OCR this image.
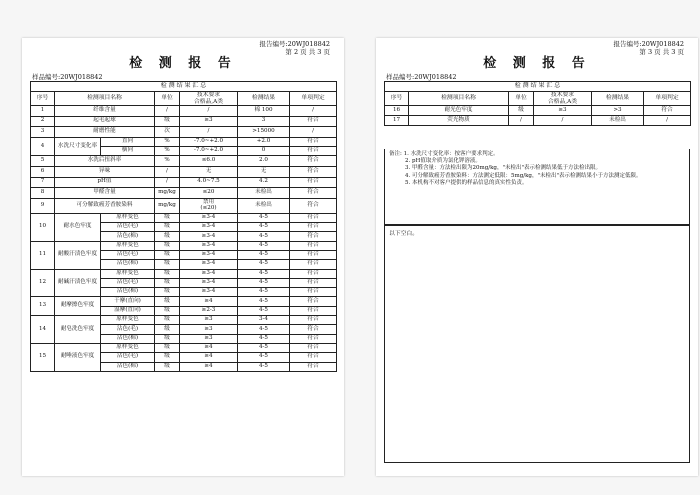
报告编号:20WJ018842
第 2 页 共 3 页
检 测 报 告
样品编号:20WJ018842
检 测 结 果 汇 总						
序号	检测项目名称		单位	技术要求
合格品,A类	检测结果	单项判定
1	纤维含量		/	/	棉 100	/
2	起毛起球		级	≥3	3	符合
3	耐磨性能		次	/	>15000	/
4	水洗尺寸变化率	直向	%	-7.0~+2.0	+2.0	符合
		横向	%	-7.0~+2.0	0	符合
5	水洗后扭斜率		%	≤6.0	2.0	符合
6	异味		/	无	无	符合
7	pH值		/	4.0~7.5	4.2	符合
8	甲醛含量		mg/kg	≤20	未检出	符合
9	可分解致癌芳香胺染料		mg/kg	禁用
(≤20)	未检出	符合
10	耐水色牢度	原样变色	级	≥3-4	4-5	符合
		沾色(毛)	级	≥3-4	4-5	符合
		沾色(棉)	级	≥3-4	4-5	符合
11	耐酸汗渍色牢度	原样变色	级	≥3-4	4-5	符合
		沾色(毛)	级	≥3-4	4-5	符合
		沾色(棉)	级	≥3-4	4-5	符合
12	耐碱汗渍色牢度	原样变色	级	≥3-4	4-5	符合
		沾色(毛)	级	≥3-4	4-5	符合
		沾色(棉)	级	≥3-4	4-5	符合
13	耐摩擦色牢度	干摩(直向)	级	≥4	4-5	符合
		湿摩(直向)	级	≥2-3	4-5	符合
14	耐皂洗色牢度	原样变色	级	≥3	3-4	符合
		沾色(毛)	级	≥3	4-5	符合
		沾色(棉)	级	≥3	4-5	符合
15	耐唾液色牢度	原样变色	级	≥4	4-5	符合
		沾色(毛)	级	≥4	4-5	符合
		沾色(棉)	级	≥4	4-5	符合
报告编号:20WJ018842
第 3 页 共 3 页
检 测 报 告
样品编号:20WJ018842
检 测 结 果 汇 总					
序号	检测项目名称	单位	技术要求
合格品,A类	检测结果	单项判定
16	耐光色牢度	级	≥3	>3	符合
17	荧光物质	/	/	未检出	/
备注: 1. 水洗尺寸变化率：按客户要求判定。
2. pH值取介质为氯化钾溶液。
3. 甲醛含量：方法检出限为20mg/kg，"未检出"表示检测结果低于方法检出限。
4. 可分解致癌芳香胺染料：方法测定低限：5mg/kg，"未检出"表示检测结果小于方法测定低限。
5. 本机构不对客户提供的样品信息的真实性负责。
以下空白。
